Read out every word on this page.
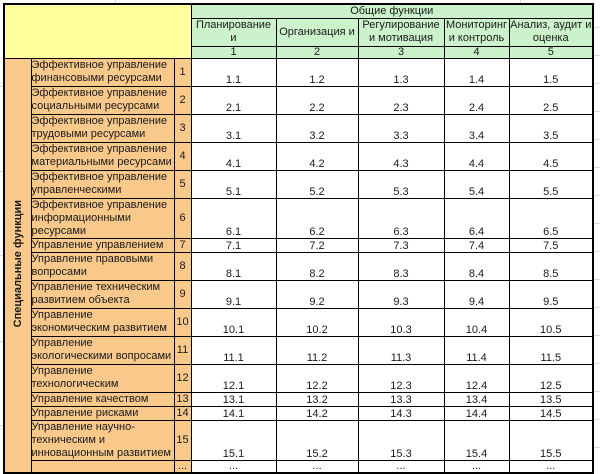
			Общие функции				
			Планирование и	Организация и	Регулирование и мотивация	Мониторинг и контроль	Анализ, аудит и оценка
			1	2	3	4	5
Специальные функции	Эффективное управление финансовыми ресурсами	1	1.1	1.2	1.3	1.4	1.5
	Эффективное управление социальными ресурсами	2	2.1	2.2	2.3	2.4	2.5
	Эффективное управление трудовыми ресурсами	3	3.1	3.2	3.3	3.4	3.5
	Эффективное управление материальными ресурсами	4	4.1	4.2	4.3	4.4	4.5
	Эффективное управление управленческими	5	5.1	5.2	5.3	5.4	5.5
	Эффективное управление информационными ресурсами	6	6.1	6.2	6.3	6.4	6.5
	Управление управлением	7	7.1	7.2	7.3	7.4	7.5
	Управление правовыми вопросами	8	8.1	8.2	8.3	8.4	8.5
	Управление техническим развитием объекта	9	9.1	9.2	9.3	9.4	9.5
	Управление экономическим развитием	10	10.1	10.2	10.3	10.4	10.5
	Управление экологическими вопросами	11	11.1	11.2	11.3	11.4	11.5
	Управление технологическим	12	12.1	12.2	12.3	12.4	12.5
	Управление качеством	13	13.1	13.2	13.3	13.4	13.5
	Управление рисками	14	14.1	14.2	14.3	14.4	14.5
	Управление научно-техническим и инновационным развитием	15	15.1	15.2	15.3	15.4	15.5
		...	...	...	...	...	...
